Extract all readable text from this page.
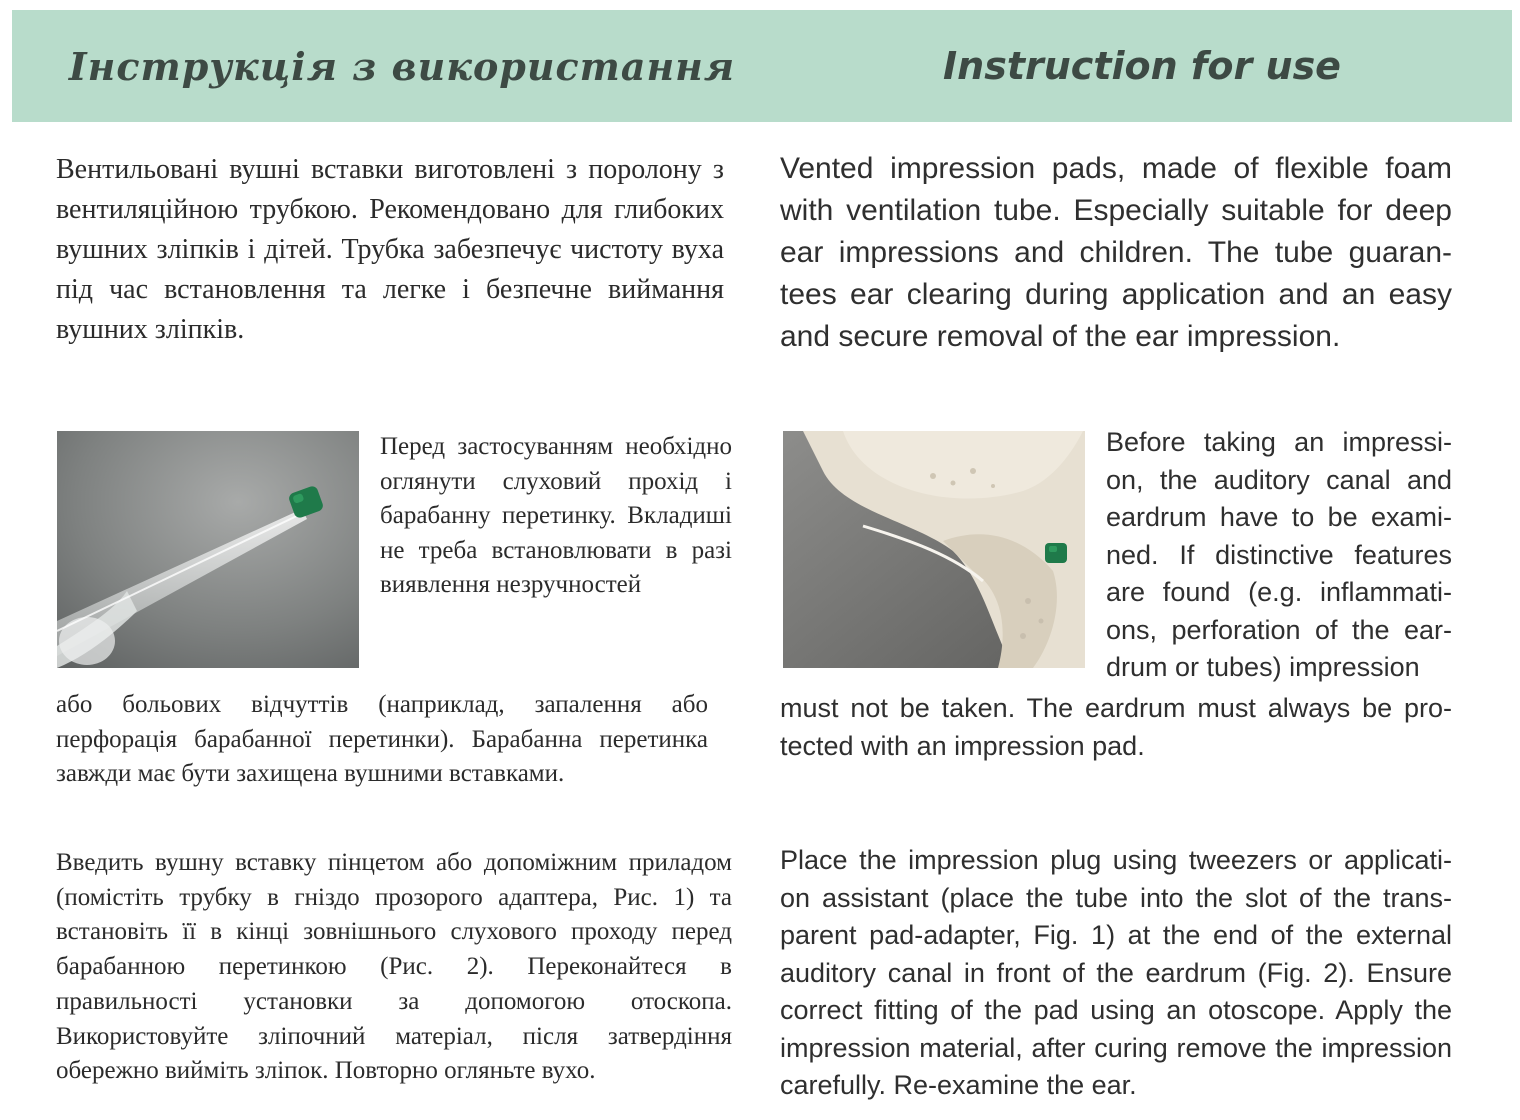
Інструкція з використання	Instruction for use

Вентильовані вушні вставки виготовлені з поролону з вентиляційною трубкою. Рекомендовано для глибоких вушних зліпків і дітей. Трубка забезпечує чистоту вуха під час встановлення та легке і безпечне виймання вушних зліпків.

Vented impression pads, made of flexible foam with ventilation tube. Especially suitable for deep ear impressions and children. The tube guaran-tees ear clearing during application and an easy and secure removal of the ear impression.

Перед застосуванням необхідно оглянути слуховий прохід і барабанну перетинку. Вкладиші не треба встановлювати в разі виявлення незручностей

або больових відчуттів (наприклад, запалення або перфорація барабанної перетинки). Барабанна перетинка завжди має бути захищена вушними вставками.

Before taking an impressi-on, the auditory canal and eardrum have to be exami-ned. If distinctive features are found (e.g. inflammati-ons, perforation of the ear-drum or tubes) impression

must not be taken. The eardrum must always be pro-tected with an impression pad.

Введить вушну вставку пінцетом або допоміжним приладом (помістіть трубку в гніздо прозорого адаптера, Рис. 1) та встановіть її в кінці зовнішнього слухового проходу перед барабанною перетинкою (Рис. 2). Переконайтеся в правильності установки за допомогою отоскопа. Використовуйте зліпочний матеріал, після затвердіння обережно вийміть зліпок. Повторно огляньте вухо.

Place the impression plug using tweezers or applicati-on assistant (place the tube into the slot of the trans-parent pad-adapter, Fig. 1) at the end of the external auditory canal in front of the eardrum (Fig. 2). Ensure correct fitting of the pad using an otoscope. Apply the impression material, after curing remove the impression carefully. Re-examine the ear.
